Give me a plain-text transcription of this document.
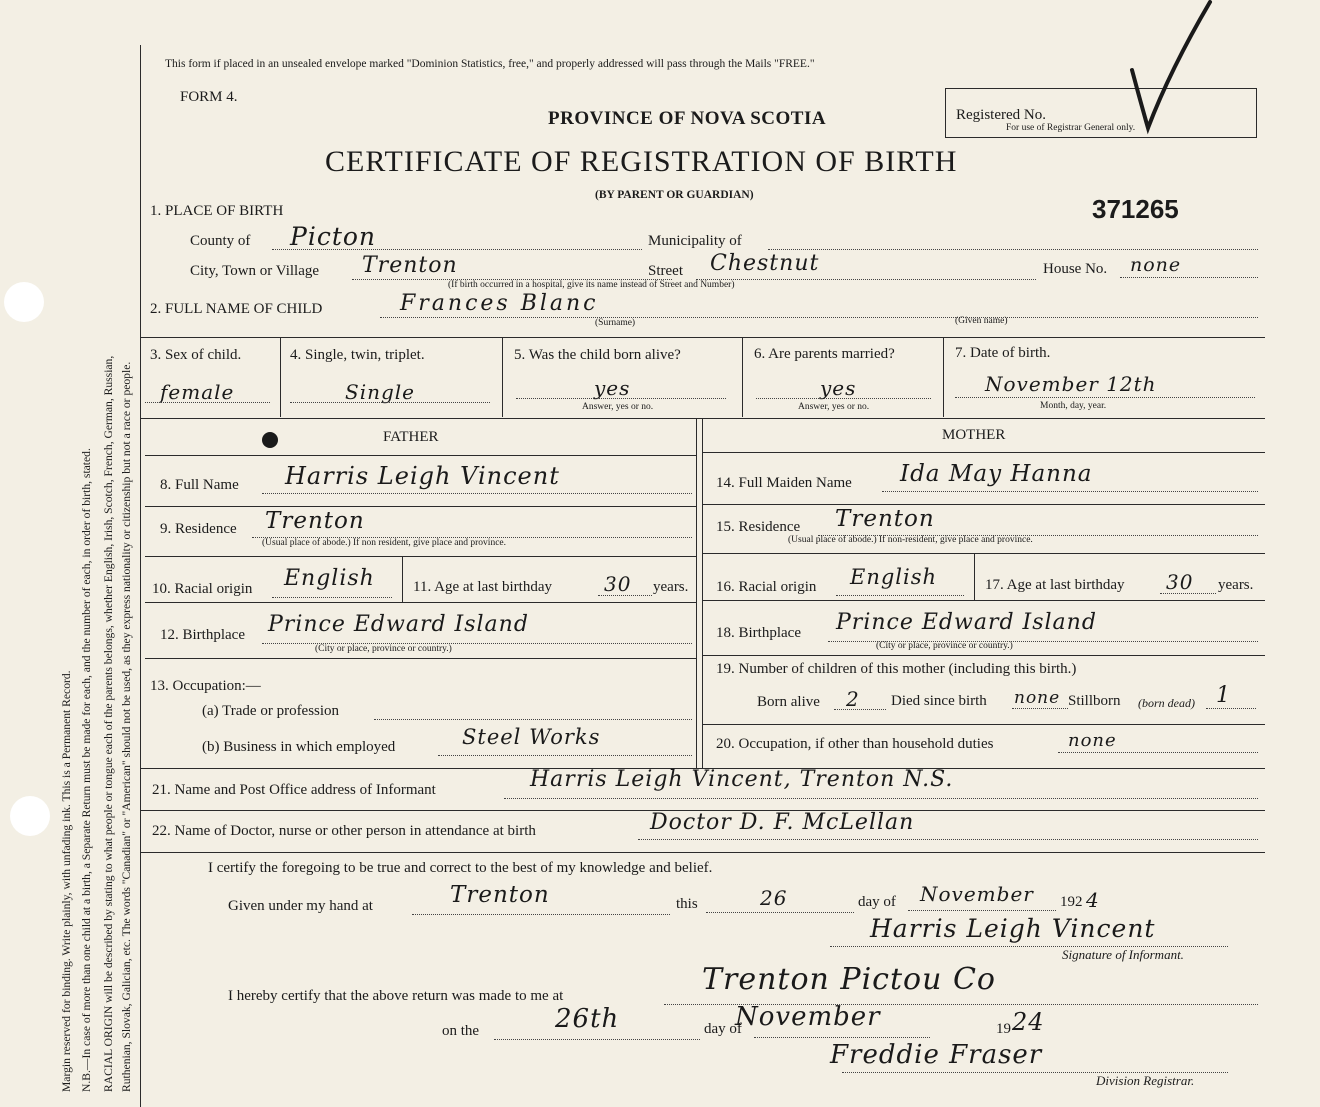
Margin reserved for binding. Write plainly, with unfading ink. This is a Permanent Record. N.B.—In case of more than one child at a birth, a Separate Return must be made for each, and the number of each, in order of birth, stated. RACIAL ORIGIN will be described by stating to what people or tongue each of the parents belongs, whether English, Irish, Scotch, French, German, Russian, Ruthenian, Slovak, Galician, etc. The words "Canadian" or "American" should not be used, as they express nationality or citizenship but not a race or people.
This form if placed in an unsealed envelope marked "Dominion Statistics, free," and properly addressed will pass through the Mails "FREE."
FORM 4.
PROVINCE OF NOVA SCOTIA
CERTIFICATE OF REGISTRATION OF BIRTH
(BY PARENT OR GUARDIAN)
Registered No.
For use of Registrar General only.
371265
1. PLACE OF BIRTH
County of Picton	Municipality of
City, Town or Village Trenton	Street Chestnut	House No. none
(If birth occurred in a hospital, give its name instead of Street and Number)
2. FULL NAME OF CHILD	Frances Blanc
(Surname)	(Given name)
3. Sex of child.
female
4. Single, twin, triplet.
Single
5. Was the child born alive?
yes
Answer, yes or no.
6. Are parents married?
yes
Answer, yes or no.
7. Date of birth.
November 12th
Month, day, year.
FATHER	MOTHER
8. Full Name Harris Leigh Vincent
9. Residence Trenton
(Usual place of abode.) If non resident, give place and province.
10. Racial origin English	11. Age at last birthday	30 years.
12. Birthplace Prince Edward Island
(City or place, province or country.)
13. Occupation:—
(a) Trade or profession
(b) Business in which employed	Steel Works
14. Full Maiden Name Ida May Hanna
15. Residence Trenton
(Usual place of abode.) If non-resident, give place and province.
16. Racial origin English	17. Age at last birthday 30 years.
18. Birthplace Prince Edward Island
(City or place, province or country.)
19. Number of children of this mother (including this birth.)
Born alive 2 Died since birth none Stillborn (born dead) 1
20. Occupation, if other than household duties	none
21. Name and Post Office address of Informant	Harris Leigh Vincent, Trenton N.S.
22. Name of Doctor, nurse or other person in attendance at birth	Doctor D. F. McLellan
I certify the foregoing to be true and correct to the best of my knowledge and belief.
Given under my hand at	Trenton	this	26	day of November 192 4
Harris Leigh Vincent
Signature of Informant.
I hereby certify that the above return was made to me at	Trenton Pictou Co
on the	26th	day of
November	19 24
Freddie Fraser
Division Registrar.
